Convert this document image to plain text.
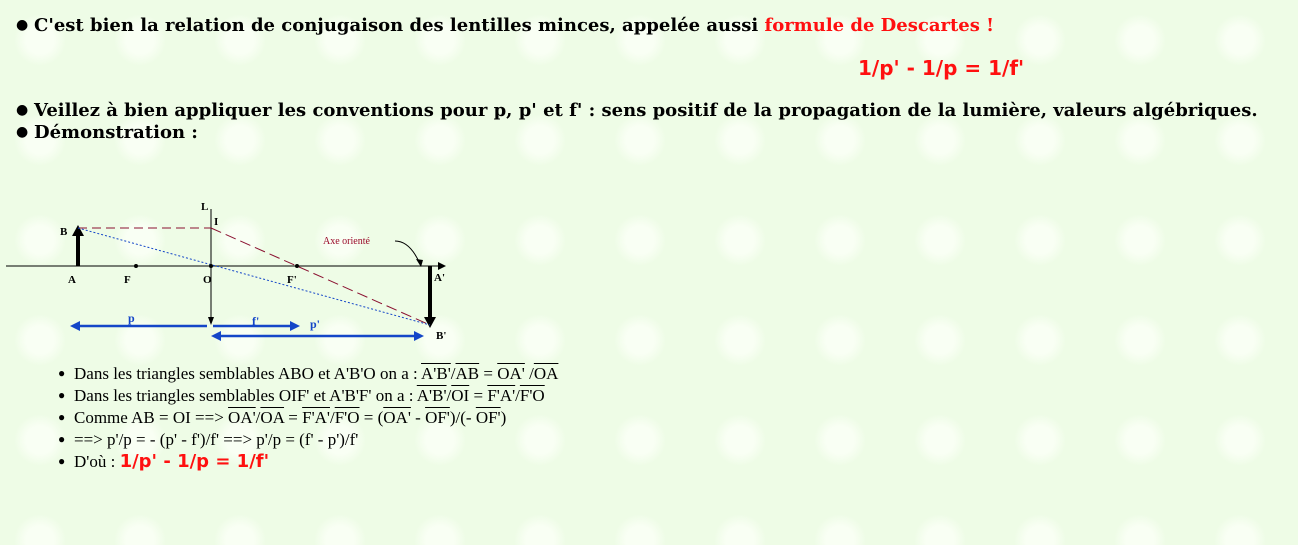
● C'est bien la relation de conjugaison des lentilles minces, appelée aussi formule de Descartes !
1/p' - 1/p = 1/f'
● Veillez à bien appliquer les conventions pour p, p' et f' : sens positif de la propagation de la lumière, valeurs algébriques.
● Démonstration :
Axe orienté
L
I
B
A	F	O	F'	A'
B'
p	f'	p'
● Dans les triangles semblables ABO et A'B'O on a : $A'B'/\overline{AB} = OA'$ $/\overline{OA}$
● Dans les triangles semblables OIF' et A'B'F' on a : $A'B'/\overline{OI} = F'A'/F'O$
● Comme AB = OI ==> $OA'/\overline{OA} = F'A'/F'O = (OA' - OF')/(-$ OF')
● ==> p'/p = - (p' - f')/f' ==> p'/p = (f' - p')/f'
● D'où : 1/p' - 1/p = 1/f'
